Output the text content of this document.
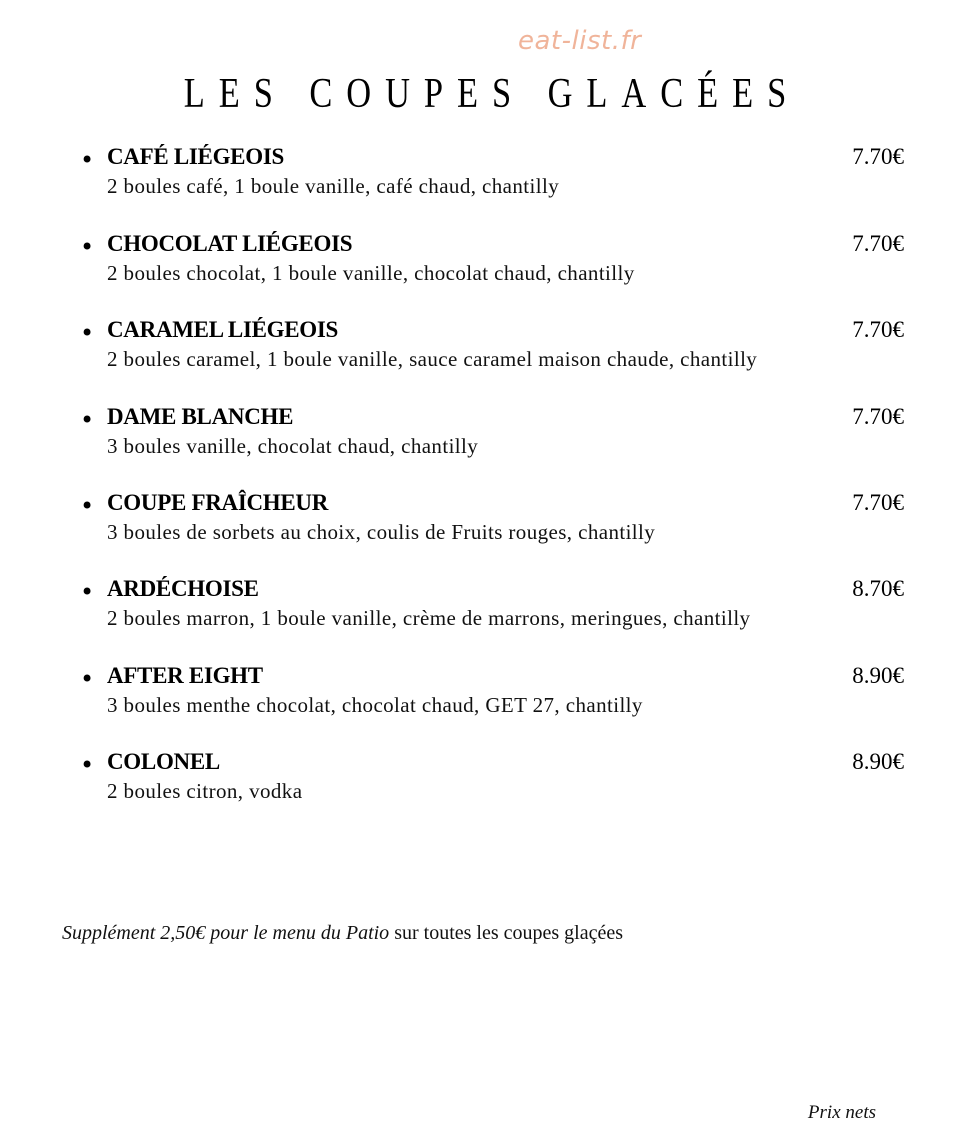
eat-list.fr
LES COUPES GLACÉES
• CAFÉ LIÉGEOIS	7.70€
2 boules café, 1 boule vanille, café chaud, chantilly
• CHOCOLAT LIÉGEOIS	7.70€
2 boules chocolat, 1 boule vanille, chocolat chaud, chantilly
• CARAMEL LIÉGEOIS	7.70€
2 boules caramel, 1 boule vanille, sauce caramel maison chaude, chantilly
• DAME BLANCHE	7.70€
3 boules vanille, chocolat chaud, chantilly
• COUPE FRAÎCHEUR	7.70€
3 boules de sorbets au choix, coulis de Fruits rouges, chantilly
• ARDÉCHOISE	8.70€
2 boules marron, 1 boule vanille, crème de marrons, meringues, chantilly
• AFTER EIGHT	8.90€
3 boules menthe chocolat, chocolat chaud, GET 27, chantilly
• COLONEL	8.90€
2 boules citron, vodka
Supplément 2,50€ pour le menu du Patio sur toutes les coupes glaçées
Prix nets
